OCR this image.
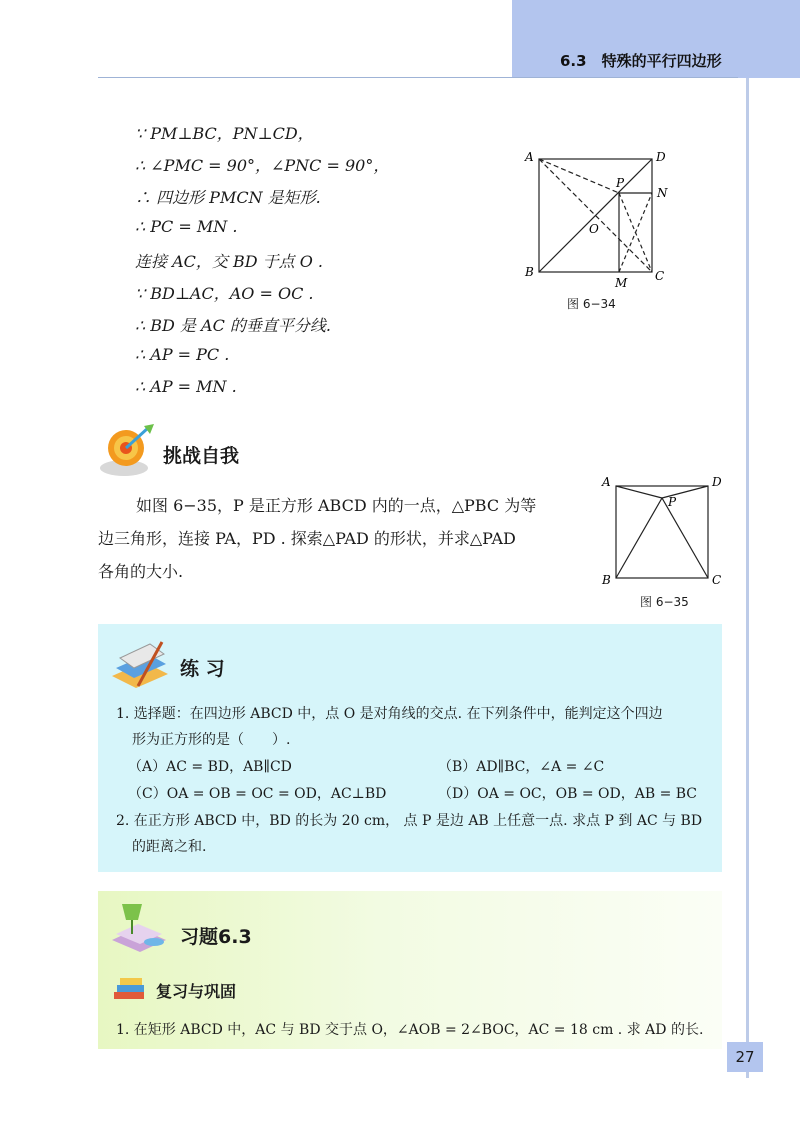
6.3　特殊的平行四边形
∵ PM⊥BC，PN⊥CD，
∴ ∠PMC = 90°，∠PNC = 90°，
∴ 四边形 PMCN 是矩形.
∴ PC = MN .
连接 AC，交 BD 于点 O .
∵ BD⊥AC，AO = OC .
∴ BD 是 AC 的垂直平分线.
∴ AP = PC .
∴ AP = MN .
A	D
B	C
P
N
O
M
图 6−34
挑战自我
如图 6−35，P 是正方形 ABCD 内的一点，△PBC 为等
边三角形，连接 PA，PD . 探索△PAD 的形状，并求△PAD
各角的大小.
A	D
B	C
P
图 6−35
练 习
1. 选择题：在四边形 ABCD 中，点 O 是对角线的交点. 在下列条件中，能判定这个四边
形为正方形的是（　　）.
（A）AC = BD，AB∥CD	（B）AD∥BC，∠A = ∠C
（C）OA = OB = OC = OD，AC⊥BD	（D）OA = OC，OB = OD，AB = BC
2. 在正方形 ABCD 中，BD 的长为 20 cm， 点 P 是边 AB 上任意一点. 求点 P 到 AC 与 BD
的距离之和.
习题6.3
复习与巩固
1. 在矩形 ABCD 中，AC 与 BD 交于点 O，∠AOB = 2∠BOC，AC = 18 cm . 求 AD 的长.
27
